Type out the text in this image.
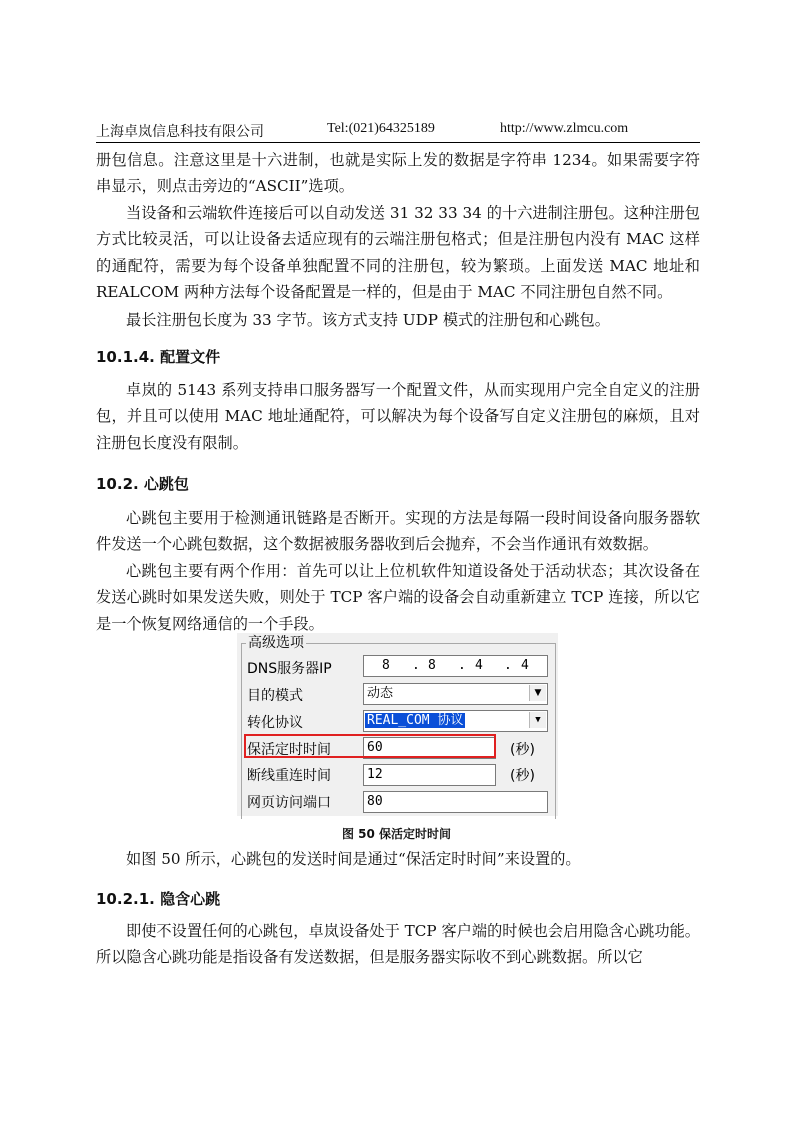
上海卓岚信息科技有限公司	Tel:(021)64325189	http://www.zlmcu.com

册包信息。注意这里是十六进制，也就是实际上发的数据是字符串 1234。如果需要字符串显示，则点击旁边的“ASCII”选项。

当设备和云端软件连接后可以自动发送 31 32 33 34 的十六进制注册包。这种注册包方式比较灵活，可以让设备去适应现有的云端注册包格式；但是注册包内没有 MAC 这样的通配符，需要为每个设备单独配置不同的注册包，较为繁琐。上面发送 MAC 地址和 REALCOM 两种方法每个设备配置是一样的，但是由于 MAC 不同注册包自然不同。

最长注册包长度为 33 字节。该方式支持 UDP 模式的注册包和心跳包。

10.1.4. 配置文件

卓岚的 5143 系列支持串口服务器写一个配置文件，从而实现用户完全自定义的注册包，并且可以使用 MAC 地址通配符，可以解决为每个设备写自定义注册包的麻烦，且对注册包长度没有限制。

10.2. 心跳包

心跳包主要用于检测通讯链路是否断开。实现的方法是每隔一段时间设备向服务器软件发送一个心跳包数据，这个数据被服务器收到后会抛弃，不会当作通讯有效数据。

心跳包主要有两个作用：首先可以让上位机软件知道设备处于活动状态；其次设备在发送心跳时如果发送失败，则处于 TCP 客户端的设备会自动重新建立 TCP 连接，所以它是一个恢复网络通信的一个手段。

高级选项
DNS服务器IP	8 . 8 . 4 . 4
目的模式	动态	▼
转化协议	REAL_COM 协议	▼
保活定时时间	60	(秒)
断线重连时间	12	(秒)
网页访问端口	80
图 50 保活定时时间

如图 50 所示，心跳包的发送时间是通过“保活定时时间”来设置的。

10.2.1. 隐含心跳

即使不设置任何的心跳包，卓岚设备处于 TCP 客户端的时候也会启用隐含心跳功能。所以隐含心跳功能是指设备有发送数据，但是服务器实际收不到心跳数据。所以它
